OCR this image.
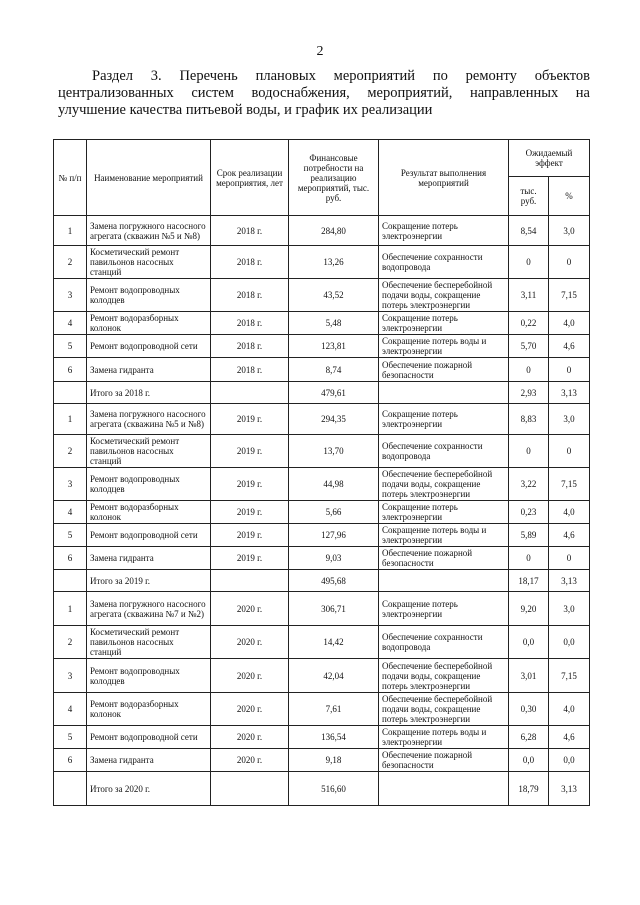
2
Раздел 3. Перечень плановых мероприятий по ремонту объектов
централизованных систем водоснабжения, мероприятий, направленных на улучшение качества питьевой воды, и график их реализации
№ п/п	Наименование мероприятий	Срок реализации мероприятия, лет	Финансовые потребности на реализацию мероприятий, тыс. руб.	Результат выполнения мероприятий	Ожидаемый эффект	
					тыс. руб.	%
1	Замена погружного насосного агрегата (скважин №5 и №8)	2018 г.	284,80	Сокращение потерь электроэнергии	8,54	3,0
2	Косметический ремонт павильонов насосных станций	2018 г.	13,26	Обеспечение сохранности водопровода	0	0
3	Ремонт водопроводных колодцев	2018 г.	43,52	Обеспечение бесперебойной подачи воды, сокращение потерь электроэнергии	3,11	7,15
4	Ремонт водоразборных колонок	2018 г.	5,48	Сокращение потерь электроэнергии	0,22	4,0
5	Ремонт водопроводной сети	2018 г.	123,81	Сокращение потерь воды и электроэнергии	5,70	4,6
6	Замена гидранта	2018 г.	8,74	Обеспечение пожарной безопасности	0	0
	Итого за 2018 г.		479,61		2,93	3,13
1	Замена погружного насосного агрегата (скважина №5 и №8)	2019 г.	294,35	Сокращение потерь электроэнергии	8,83	3,0
2	Косметический ремонт павильонов насосных станций	2019 г.	13,70	Обеспечение сохранности водопровода	0	0
3	Ремонт водопроводных колодцев	2019 г.	44,98	Обеспечение бесперебойной подачи воды, сокращение потерь электроэнергии	3,22	7,15
4	Ремонт водоразборных колонок	2019 г.	5,66	Сокращение потерь электроэнергии	0,23	4,0
5	Ремонт водопроводной сети	2019 г.	127,96	Сокращение потерь воды и электроэнергии	5,89	4,6
6	Замена гидранта	2019 г.	9,03	Обеспечение пожарной безопасности	0	0
	Итого за 2019 г.		495,68		18,17	3,13
1	Замена погружного насосного агрегата (скважина №7 и №2)	2020 г.	306,71	Сокращение потерь электроэнергии	9,20	3,0
2	Косметический ремонт павильонов насосных станций	2020 г.	14,42	Обеспечение сохранности водопровода	0,0	0,0
3	Ремонт водопроводных колодцев	2020 г.	42,04	Обеспечение бесперебойной подачи воды, сокращение потерь электроэнергии	3,01	7,15
4	Ремонт водоразборных колонок	2020 г.	7,61	Обеспечение бесперебойной подачи воды, сокращение потерь электроэнергии	0,30	4,0
5	Ремонт водопроводной сети	2020 г.	136,54	Сокращение потерь воды и электроэнергии	6,28	4,6
6	Замена гидранта	2020 г.	9,18	Обеспечение пожарной безопасности	0,0	0,0
	Итого за 2020 г.		516,60		18,79	3,13
